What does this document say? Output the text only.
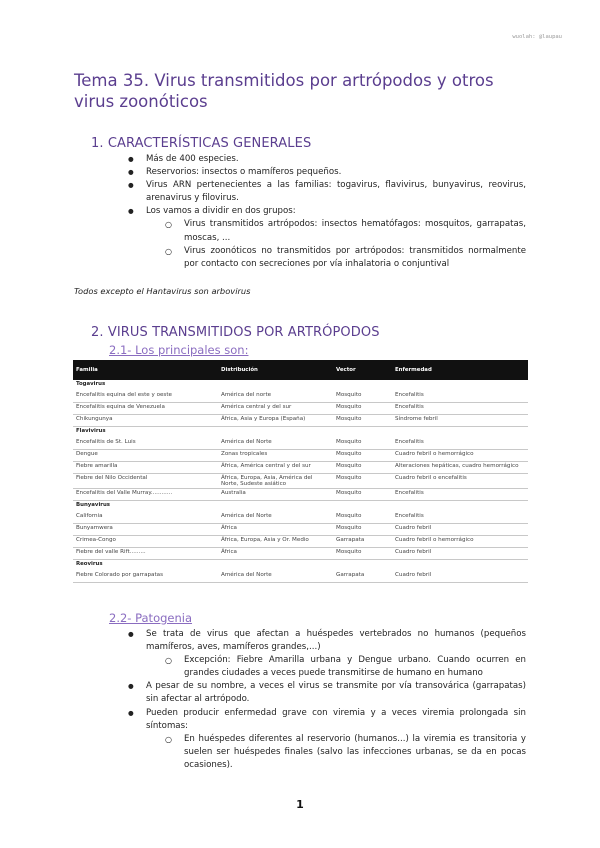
wuolah: @laupau
Tema 35. Virus transmitidos por artrópodos y otros virus zoonóticos
1. CARACTERÍSTICAS GENERALES
● Más de 400 especies.
● Reservorios: insectos o mamíferos pequeños.
● Virus ARN pertenecientes a las familias: togavirus, flavivirus, bunyavirus, reovirus, arenavirus y filovirus.
● Los vamos a dividir en dos grupos:
○ Virus transmitidos artrópodos: insectos hematófagos: mosquitos, garrapatas, moscas, ...
○ Virus zoonóticos no transmitidos por artrópodos: transmitidos normalmente por contacto con secreciones por vía inhalatoria o conjuntival
Todos excepto el Hantavirus son arbovirus
2. VIRUS TRANSMITIDOS POR ARTRÓPODOS
2.1- Los principales son:
Familia	Distribución	Vector	Enfermedad
Togavirus			
Encefalitis equina del este y oeste	América del norte	Mosquito	Encefalitis
Encefalitis equina de Venezuela	América central y del sur	Mosquito	Encefalitis
Chikungunya	África, Asia y Europa (España)	Mosquito	Síndrome febril
Flavivirus			
Encefalitis de St. Luis	América del Norte	Mosquito	Encefalitis
Dengue	Zonas tropicales	Mosquito	Cuadro febril o hemorrágico
Fiebre amarilla	África, América central y del sur	Mosquito	Alteraciones hepáticas, cuadro hemorrágico
Fiebre del Nilo Occidental	África, Europa, Asia, América del Norte, Sudeste asiático	Mosquito	Cuadro febril o encefalitis
Encefalitis del Valle Murray............	Australia	Mosquito	Encefalitis
Bunyavirus			
California	América del Norte	Mosquito	Encefalitis
Bunyamwera	África	Mosquito	Cuadro febril
Crimea-Congo	África, Europa, Asia y Or. Medio	Garrapata	Cuadro febril o hemorrágico
Fiebre del valle Rift.........	África	Mosquito	Cuadro febril
Reovirus			
Fiebre Colorado por garrapatas	América del Norte	Garrapata	Cuadro febril
2.2- Patogenia
● Se trata de virus que afectan a huéspedes vertebrados no humanos (pequeños mamíferos, aves, mamíferos grandes,...)
○ Excepción: Fiebre Amarilla urbana y Dengue urbano. Cuando ocurren en grandes ciudades a veces puede transmitirse de humano en humano
● A pesar de su nombre, a veces el virus se transmite por vía transovárica (garrapatas) sin afectar al artrópodo.
● Pueden producir enfermedad grave con viremia y a veces viremia prolongada sin síntomas:
○ En huéspedes diferentes al reservorio (humanos...) la viremia es transitoria y suelen ser huéspedes finales (salvo las infecciones urbanas, se da en pocas ocasiones).
1
